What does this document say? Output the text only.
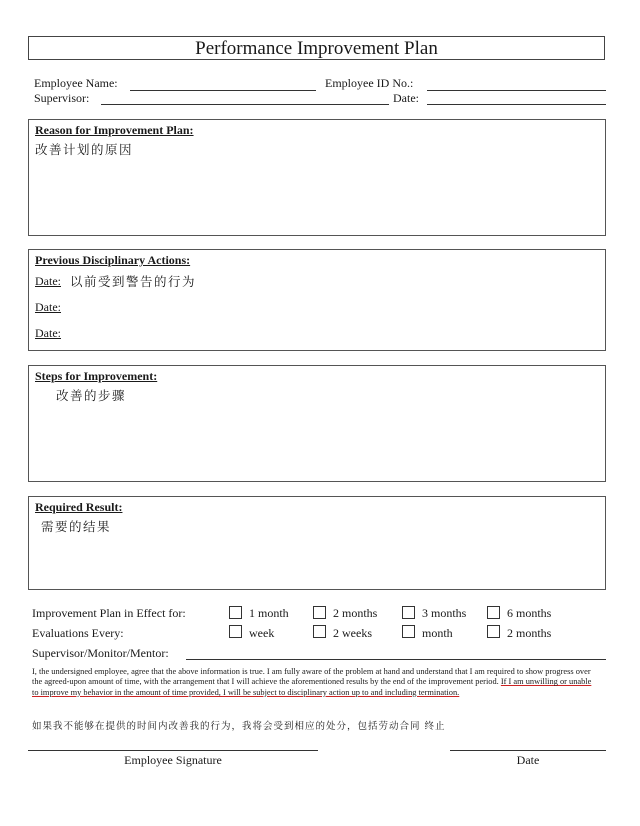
Performance Improvement Plan
Employee Name:	Employee ID No.:
Supervisor:	Date:
Reason for Improvement Plan:
改善计划的原因
Previous Disciplinary Actions:
Date: 以前受到警告的行为
Date:
Date:
Steps for Improvement:
改善的步骤
Required Result:
需要的结果
Improvement Plan in Effect for:	1 month	2 months	3 months	6 months
Evaluations Every:	week	2 weeks	month	2 months
Supervisor/Monitor/Mentor:
I, the undersigned employee, agree that the above information is true. I am fully aware of the problem at hand and understand that I am required to show progress over the agreed-upon amount of time, with the arrangement that I will achieve the aforementioned results by the end of the improvement period. If I am unwilling or unable to improve my behavior in the amount of time provided, I will be subject to disciplinary action up to and including termination.
如果我不能够在提供的时间内改善我的行为，我将会受到相应的处分，包括劳动合同 终止
Employee Signature	Date
